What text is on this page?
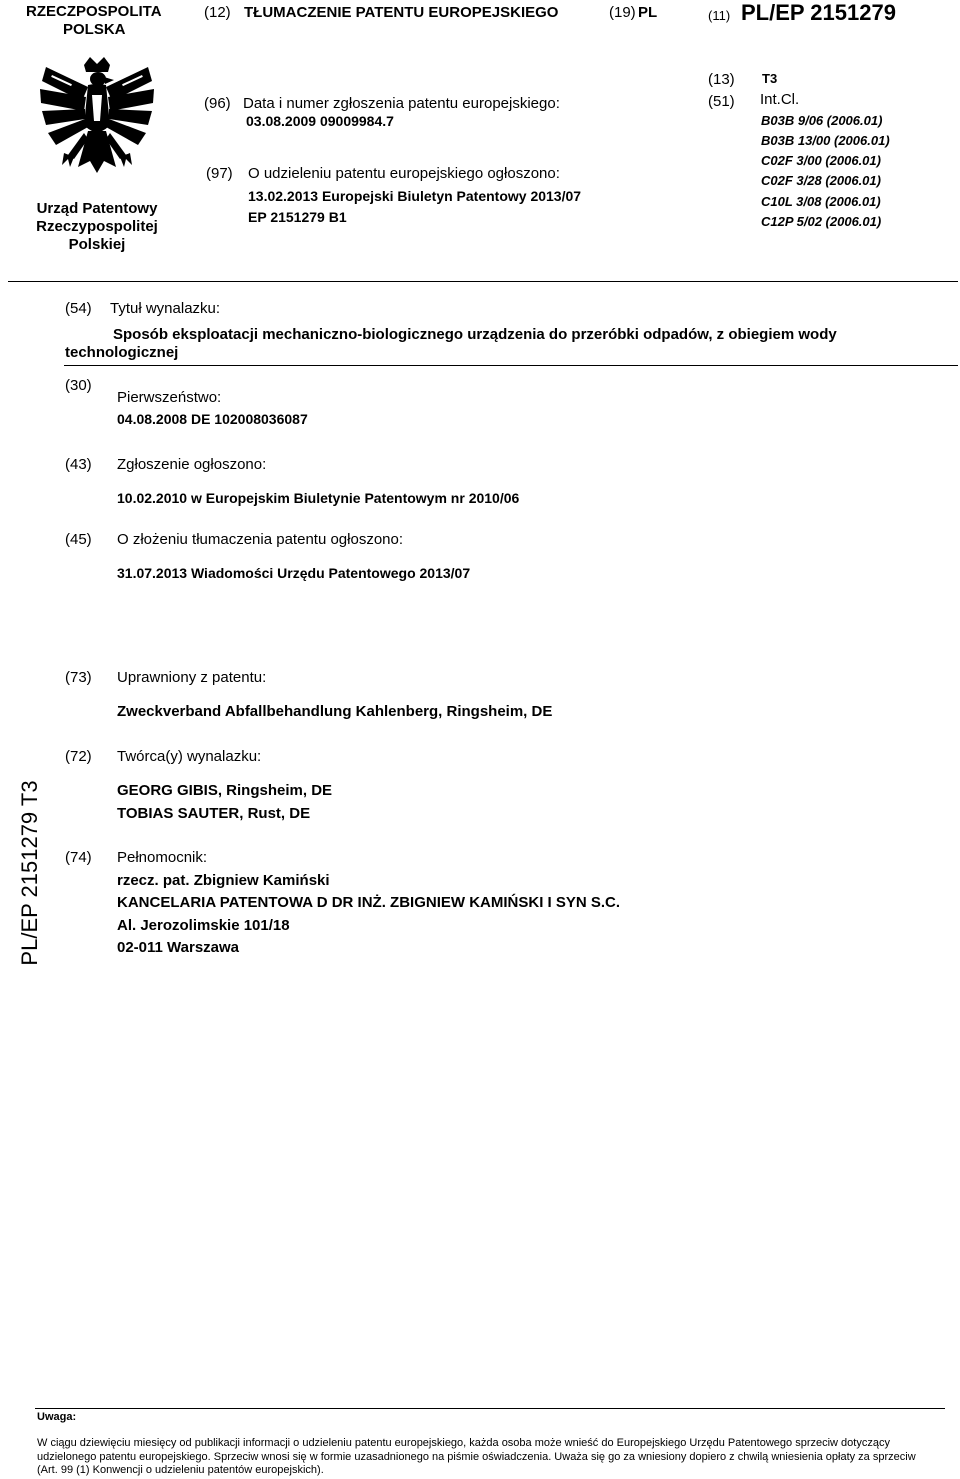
RZECZPOSPOLITA
POLSKA
(12) TŁUMACZENIE PATENTU EUROPEJSKIEGO	(19) PL	(11) PL/EP 2151279
Urząd Patentowy
Rzeczypospolitej
Polskiej
(96) Data i numer zgłoszenia patentu europejskiego:
03.08.2009 09009984.7
(97) O udzieleniu patentu europejskiego ogłoszono:
13.02.2013 Europejski Biuletyn Patentowy 2013/07
EP 2151279 B1
(13) T3
(51) Int.Cl.
B03B 9/06 (2006.01)
B03B 13/00 (2006.01)
C02F 3/00 (2006.01)
C02F 3/28 (2006.01)
C10L 3/08 (2006.01)
C12P 5/02 (2006.01)
(54) Tytuł wynalazku:
Sposób eksploatacji mechaniczno-biologicznego urządzenia do przeróbki odpadów, z obiegiem wody
technologicznej
(30)
Pierwszeństwo:
04.08.2008 DE 102008036087
(43) Zgłoszenie ogłoszono:
10.02.2010 w Europejskim Biuletynie Patentowym nr 2010/06
(45) O złożeniu tłumaczenia patentu ogłoszono:
31.07.2013 Wiadomości Urzędu Patentowego 2013/07
(73) Uprawniony z patentu:
Zweckverband Abfallbehandlung Kahlenberg, Ringsheim, DE
(72) Twórca(y) wynalazku:
GEORG GIBIS, Ringsheim, DE
TOBIAS SAUTER, Rust, DE
(74) Pełnomocnik:
rzecz. pat. Zbigniew Kamiński
KANCELARIA PATENTOWA D DR INŻ. ZBIGNIEW KAMIŃSKI I SYN S.C.
Al. Jerozolimskie 101/18
02-011 Warszawa
PL/EP 2151279 T3
Uwaga:
W ciągu dziewięciu miesięcy od publikacji informacji o udzieleniu patentu europejskiego, każda osoba może wnieść do Europejskiego Urzędu Patentowego sprzeciw dotyczący udzielonego patentu europejskiego. Sprzeciw wnosi się w formie uzasadnionego na piśmie oświadczenia. Uważa się go za wniesiony dopiero z chwilą wniesienia opłaty za sprzeciw (Art. 99 (1) Konwencji o udzieleniu patentów europejskich).
